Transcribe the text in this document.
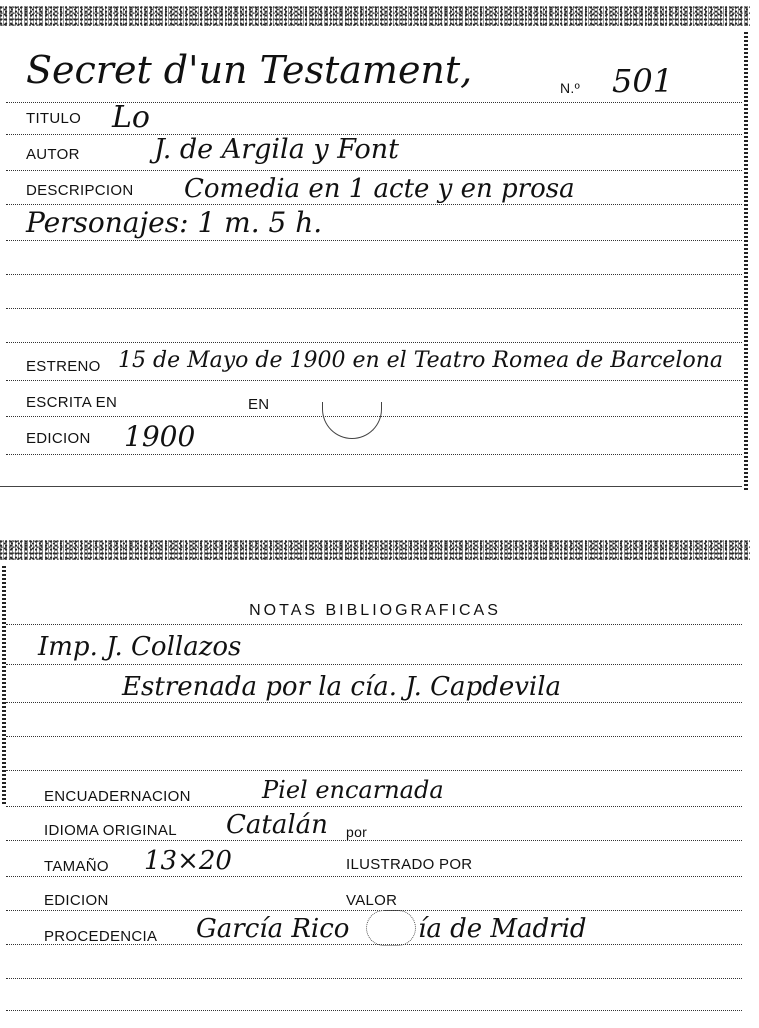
Secret d'un Testament,	N.º 501
TITULO Lo
AUTOR	J. de Argila y Font
DESCRIPCION Comedia en 1 acte y en prosa
Personajes: 1 m. 5 h.
ESTRENO 15 de Mayo de 1900 en el Teatro Romea de Barcelona
ESCRITA EN	EN
EDICION 1900
NOTAS BIBLIOGRAFICAS
Imp. J. Collazos
Estrenada por la cía. J. Capdevila
ENCUADERNACION	Piel encarnada
IDIOMA ORIGINAL Catalán por
TAMAÑO 13×20	ILUSTRADO POR
EDICION	VALOR
PROCEDENCIA García Rico	ía de Madrid
